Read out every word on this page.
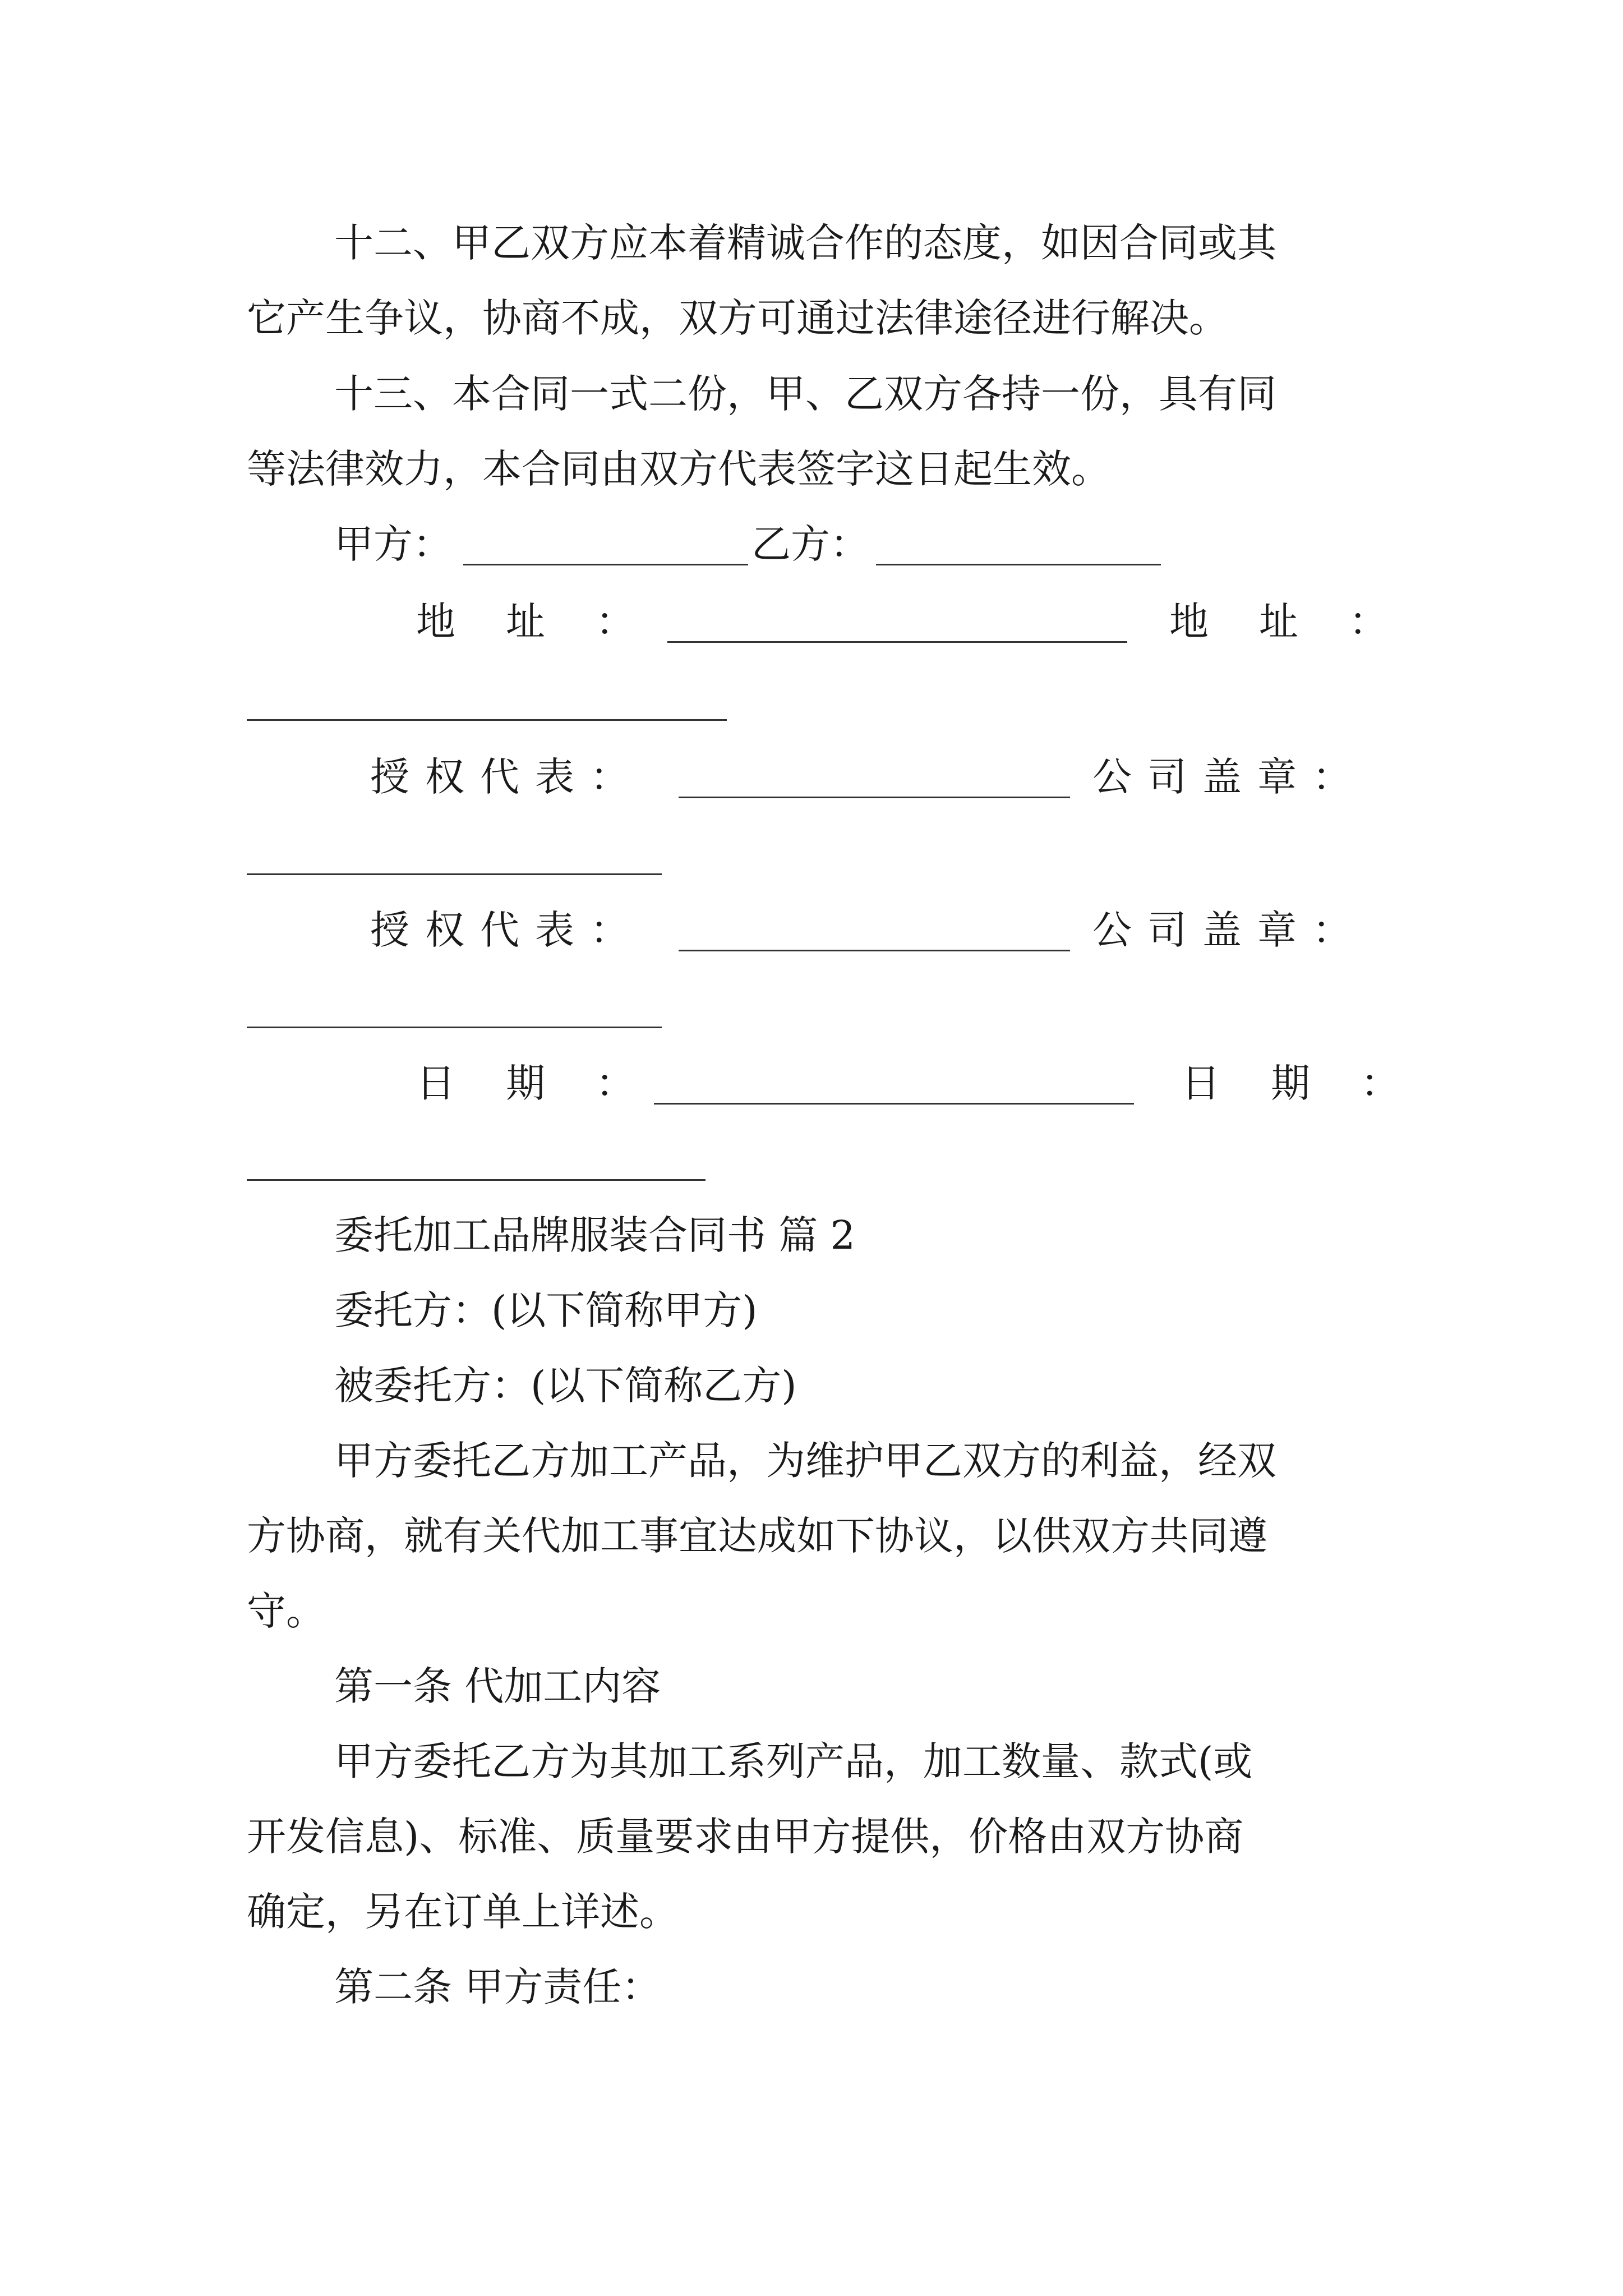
十二、甲乙双方应本着精诚合作的态度，如因合同或其
它产生争议，协商不成，双方可通过法律途径进行解决。
十三、本合同一式二份，甲、乙双方各持一份，具有同
等法律效力，本合同由双方代表签字这日起生效。
甲方：	乙方：
地址：	地址：
授权代表：	公司盖章：
授权代表：	公司盖章：
日期：	日期：
委托加工品牌服装合同书 篇 2
委托方：(以下简称甲方)
被委托方：(以下简称乙方)
甲方委托乙方加工产品，为维护甲乙双方的利益，经双
方协商，就有关代加工事宜达成如下协议，以供双方共同遵
守。
第一条 代加工内容
甲方委托乙方为其加工系列产品，加工数量、款式(或
开发信息)、标准、质量要求由甲方提供，价格由双方协商
确定，另在订单上详述。
第二条 甲方责任：
